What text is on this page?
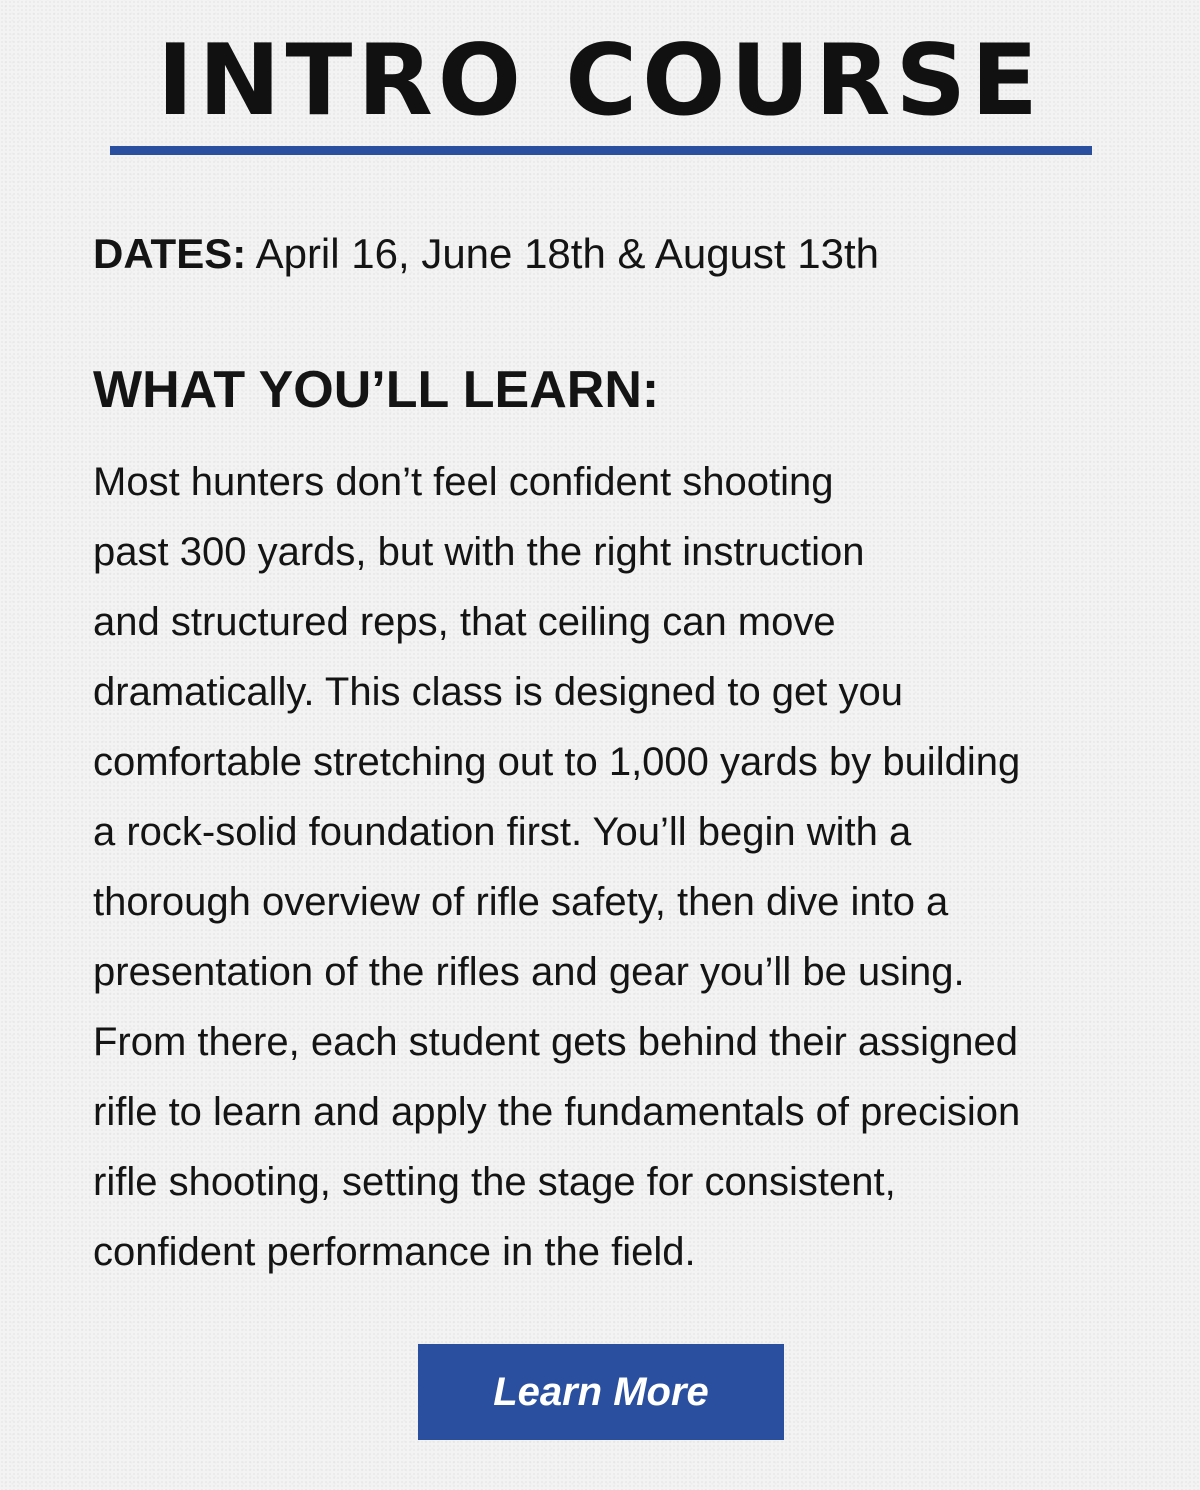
INTRO COURSE
DATES: April 16, June 18th & August 13th
WHAT YOU’LL LEARN:

Most hunters don’t feel confident shooting
past 300 yards, but with the right instruction
and structured reps, that ceiling can move
dramatically. This class is designed to get you
comfortable stretching out to 1,000 yards by building
a rock-solid foundation first. You’ll begin with a
thorough overview of rifle safety, then dive into a
presentation of the rifles and gear you’ll be using.
From there, each student gets behind their assigned
rifle to learn and apply the fundamentals of precision
rifle shooting, setting the stage for consistent,
confident performance in the field.

Learn More
